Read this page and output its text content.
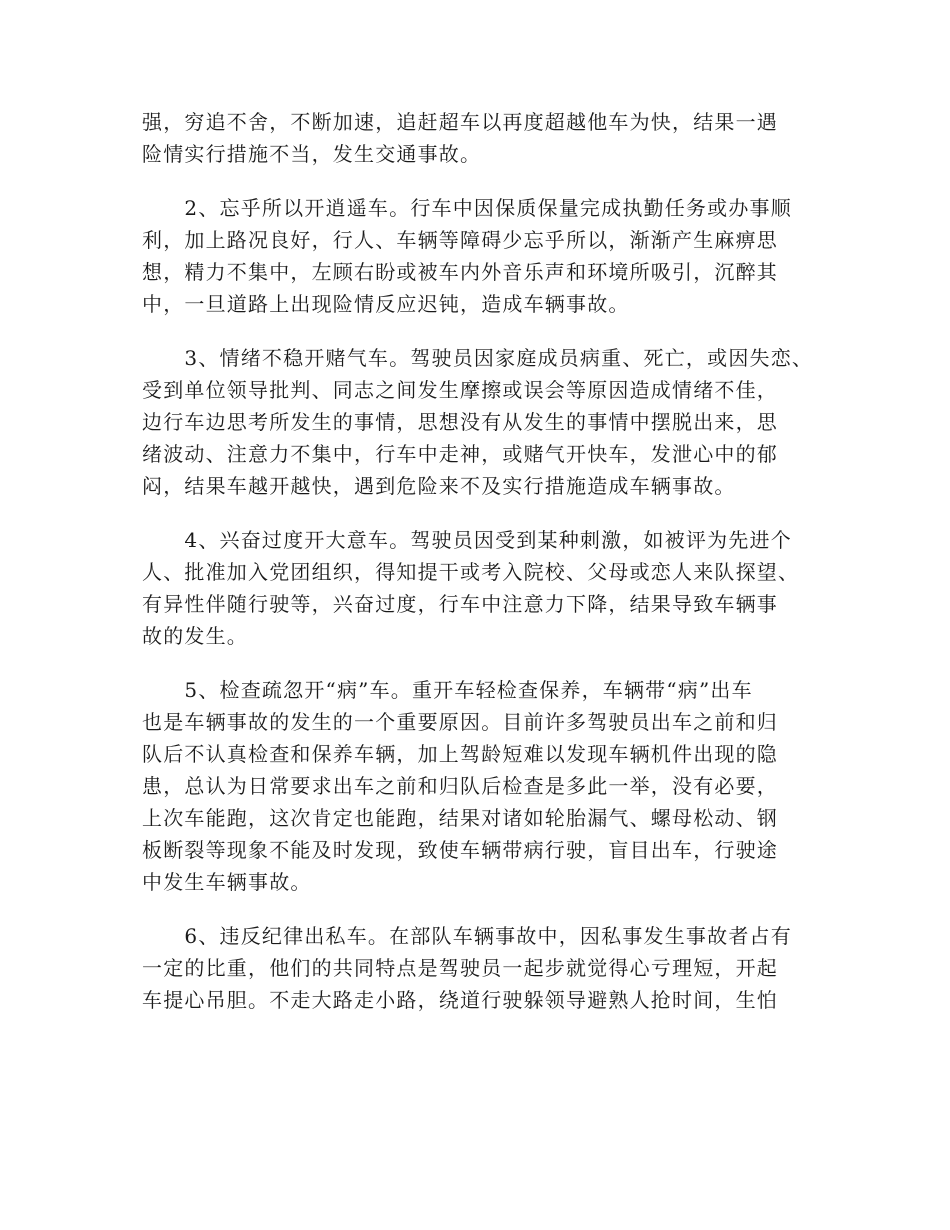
强，穷追不舍，不断加速，追赶超车以再度超越他车为快，结果一遇
险情实行措施不当，发生交通事故。
　　2、忘乎所以开逍遥车。行车中因保质保量完成执勤任务或办事顺
利，加上路况良好，行人、车辆等障碍少忘乎所以，渐渐产生麻痹思
想，精力不集中，左顾右盼或被车内外音乐声和环境所吸引，沉醉其
中，一旦道路上出现险情反应迟钝，造成车辆事故。
　　3、情绪不稳开赌气车。驾驶员因家庭成员病重、死亡，或因失恋、
受到单位领导批判、同志之间发生摩擦或误会等原因造成情绪不佳，
边行车边思考所发生的事情，思想没有从发生的事情中摆脱出来，思
绪波动、注意力不集中，行车中走神，或赌气开快车，发泄心中的郁
闷，结果车越开越快，遇到危险来不及实行措施造成车辆事故。
　　4、兴奋过度开大意车。驾驶员因受到某种刺激，如被评为先进个
人、批准加入党团组织，得知提干或考入院校、父母或恋人来队探望、
有异性伴随行驶等，兴奋过度，行车中注意力下降，结果导致车辆事
故的发生。
　　5、检查疏忽开“病”车。重开车轻检查保养，车辆带“病”出车
也是车辆事故的发生的一个重要原因。目前许多驾驶员出车之前和归
队后不认真检查和保养车辆，加上驾龄短难以发现车辆机件出现的隐
患，总认为日常要求出车之前和归队后检查是多此一举，没有必要，
上次车能跑，这次肯定也能跑，结果对诸如轮胎漏气、螺母松动、钢
板断裂等现象不能及时发现，致使车辆带病行驶，盲目出车，行驶途
中发生车辆事故。
　　6、违反纪律出私车。在部队车辆事故中，因私事发生事故者占有
一定的比重，他们的共同特点是驾驶员一起步就觉得心亏理短，开起
车提心吊胆。不走大路走小路，绕道行驶躲领导避熟人抢时间，生怕
